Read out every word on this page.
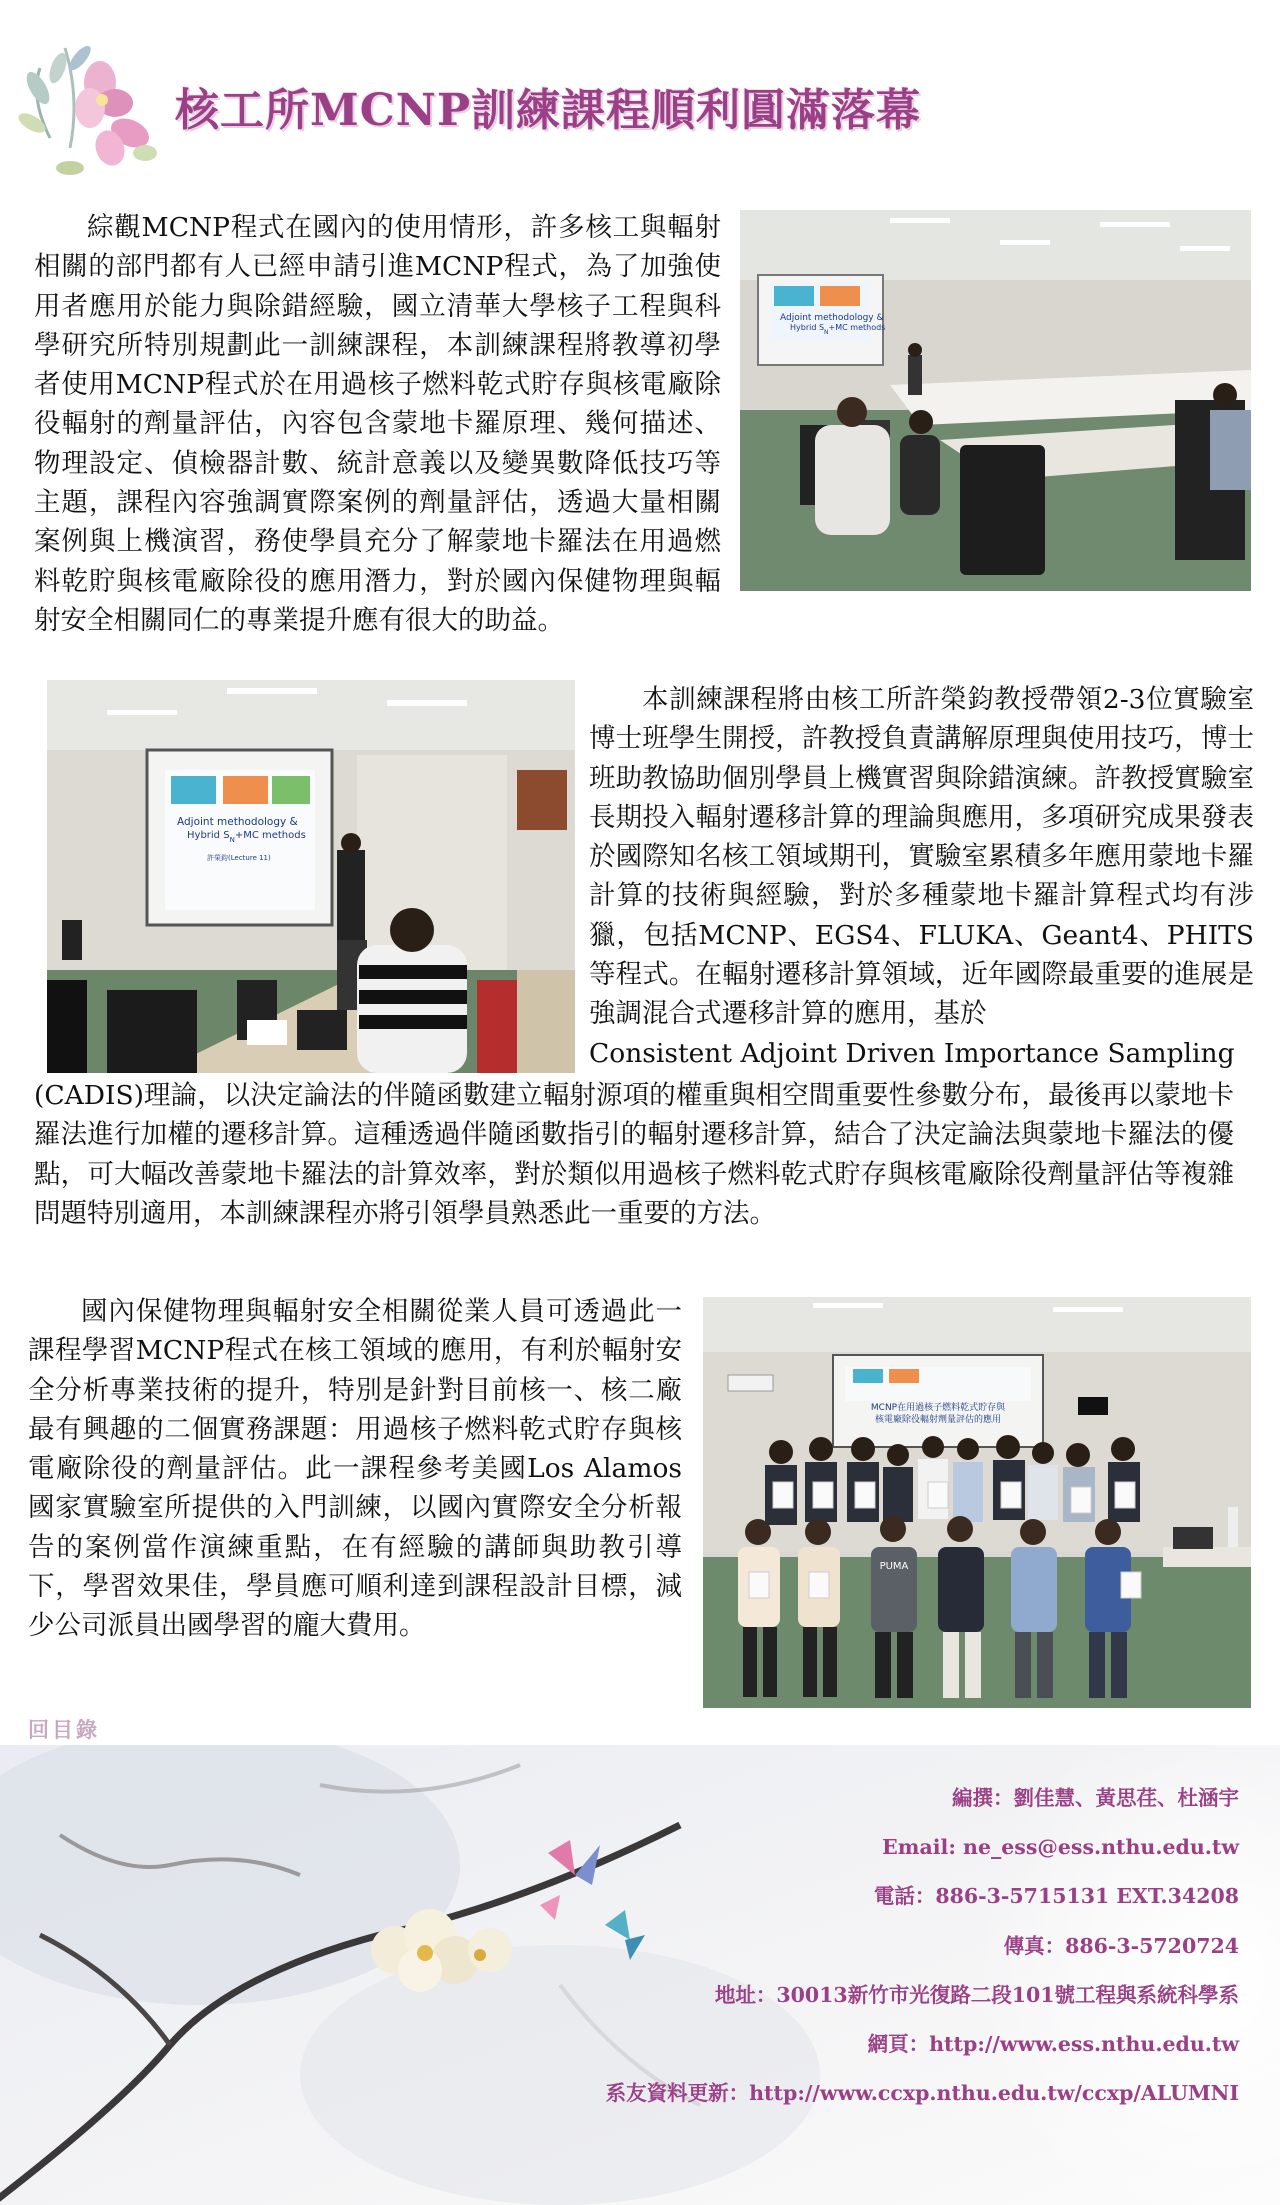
核工所MCNP訓練課程順利圓滿落幕

綜觀MCNP程式在國內的使用情形，許多核工與輻射相關的部門都有人已經申請引進MCNP程式，為了加強使用者應用於能力與除錯經驗，國立清華大學核子工程與科學研究所特別規劃此一訓練課程，本訓練課程將教導初學者使用MCNP程式於在用過核子燃料乾式貯存與核電廠除役輻射的劑量評估，內容包含蒙地卡羅原理、幾何描述、物理設定、偵檢器計數、統計意義以及變異數降低技巧等主題，課程內容強調實際案例的劑量評估，透過大量相關案例與上機演習，務使學員充分了解蒙地卡羅法在用過燃料乾貯與核電廠除役的應用潛力，對於國內保健物理與輻射安全相關同仁的專業提升應有很大的助益。

Adjoint methodology &
Hybrid $S_N+MC$ methods
Adjoint methodology &
Hybrid $S_N+MC$ methods
許榮鈞(Lecture 11)

本訓練課程將由核工所許榮鈞教授帶領2-3位實驗室博士班學生開授，許教授負責講解原理與使用技巧，博士班助教協助個別學員上機實習與除錯演練。許教授實驗室長期投入輻射遷移計算的理論與應用，多項研究成果發表於國際知名核工領域期刊，實驗室累積多年應用蒙地卡羅計算的技術與經驗，對於多種蒙地卡羅計算程式均有涉獵，包括MCNP、EGS4、FLUKA、Geant4、PHITS等程式。在輻射遷移計算領域，近年國際最重要的進展是強調混合式遷移計算的應用，基於

Consistent Adjoint Driven Importance Sampling

(CADIS)理論，以決定論法的伴隨函數建立輻射源項的權重與相空間重要性參數分布，最後再以蒙地卡羅法進行加權的遷移計算。這種透過伴隨函數指引的輻射遷移計算，結合了決定論法與蒙地卡羅法的優點，可大幅改善蒙地卡羅法的計算效率，對於類似用過核子燃料乾式貯存與核電廠除役劑量評估等複雜問題特別適用，本訓練課程亦將引領學員熟悉此一重要的方法。

國內保健物理與輻射安全相關從業人員可透過此一課程學習MCNP程式在核工領域的應用，有利於輻射安全分析專業技術的提升，特別是針對目前核一、核二廠最有興趣的二個實務課題：用過核子燃料乾式貯存與核電廠除役的劑量評估。此一課程參考美國Los Alamos國家實驗室所提供的入門訓練，以國內實際安全分析報告的案例當作演練重點，在有經驗的講師與助教引導下，學習效果佳，學員應可順利達到課程設計目標，減少公司派員出國學習的龐大費用。

MCNP在用過核子燃料乾式貯存與
核電廠除役輻射劑量評估的應用
PUMA
回目錄
編撰：劉佳慧、黃思荏、杜涵宇
Email: ne_ess@ess.nthu.edu.tw
電話：886-3-5715131 EXT.34208
傳真：886-3-5720724
地址：30013新竹市光復路二段101號工程與系統科學系
網頁：http://www.ess.nthu.edu.tw
系友資料更新：http://www.ccxp.nthu.edu.tw/ccxp/ALUMNI
